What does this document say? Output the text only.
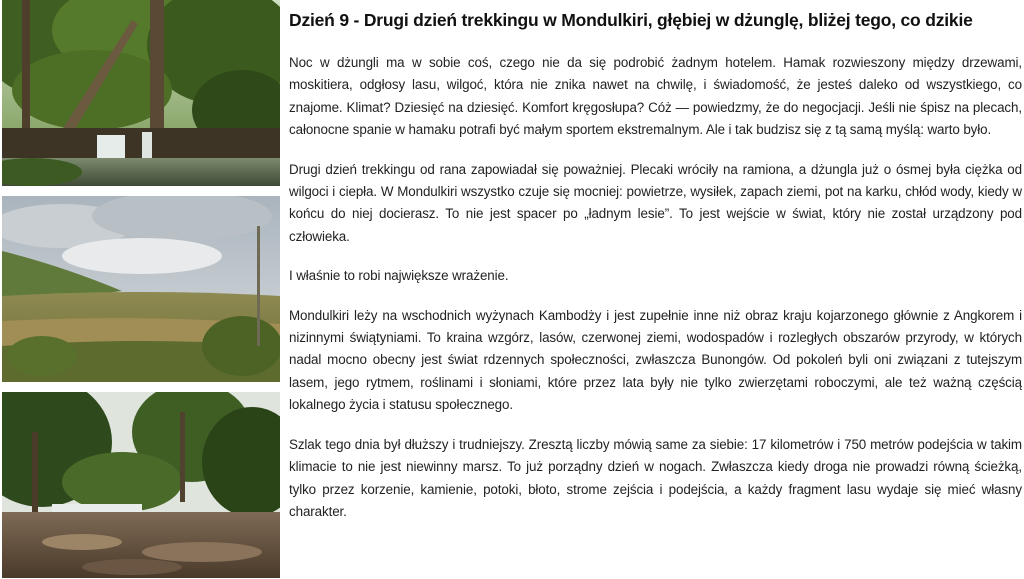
Dzień 9 - Drugi dzień trekkingu w Mondulkiri, głębiej w dżunglę, bliżej tego, co dzikie

Noc w dżungli ma w sobie coś, czego nie da się podrobić żadnym hotelem. Hamak rozwieszony między drzewami, moskitiera, odgłosy lasu, wilgoć, która nie znika nawet na chwilę, i świadomość, że jesteś daleko od wszystkiego, co znajome. Klimat? Dziesięć na dziesięć. Komfort kręgosłupa? Cóż — powiedzmy, że do negocjacji. Jeśli nie śpisz na plecach, całonocne spanie w hamaku potrafi być małym sportem ekstremalnym. Ale i tak budzisz się z tą samą myślą: warto było.

Drugi dzień trekkingu od rana zapowiadał się poważniej. Plecaki wróciły na ramiona, a dżungla już o ósmej była ciężka od wilgoci i ciepła. W Mondulkiri wszystko czuje się mocniej: powietrze, wysiłek, zapach ziemi, pot na karku, chłód wody, kiedy w końcu do niej docierasz. To nie jest spacer po „ładnym lesie”. To jest wejście w świat, który nie został urządzony pod człowieka.

I właśnie to robi największe wrażenie.

Mondulkiri leży na wschodnich wyżynach Kambodży i jest zupełnie inne niż obraz kraju kojarzonego głównie z Angkorem i nizinnymi świątyniami. To kraina wzgórz, lasów, czerwonej ziemi, wodospadów i rozległych obszarów przyrody, w których nadal mocno obecny jest świat rdzennych społeczności, zwłaszcza Bunongów. Od pokoleń byli oni związani z tutejszym lasem, jego rytmem, roślinami i słoniami, które przez lata były nie tylko zwierzętami roboczymi, ale też ważną częścią lokalnego życia i statusu społecznego.

Szlak tego dnia był dłuższy i trudniejszy. Zresztą liczby mówią same za siebie: 17 kilometrów i 750 metrów podejścia w takim klimacie to nie jest niewinny marsz. To już porządny dzień w nogach. Zwłaszcza kiedy droga nie prowadzi równą ścieżką, tylko przez korzenie, kamienie, potoki, błoto, strome zejścia i podejścia, a każdy fragment lasu wydaje się mieć własny charakter.
